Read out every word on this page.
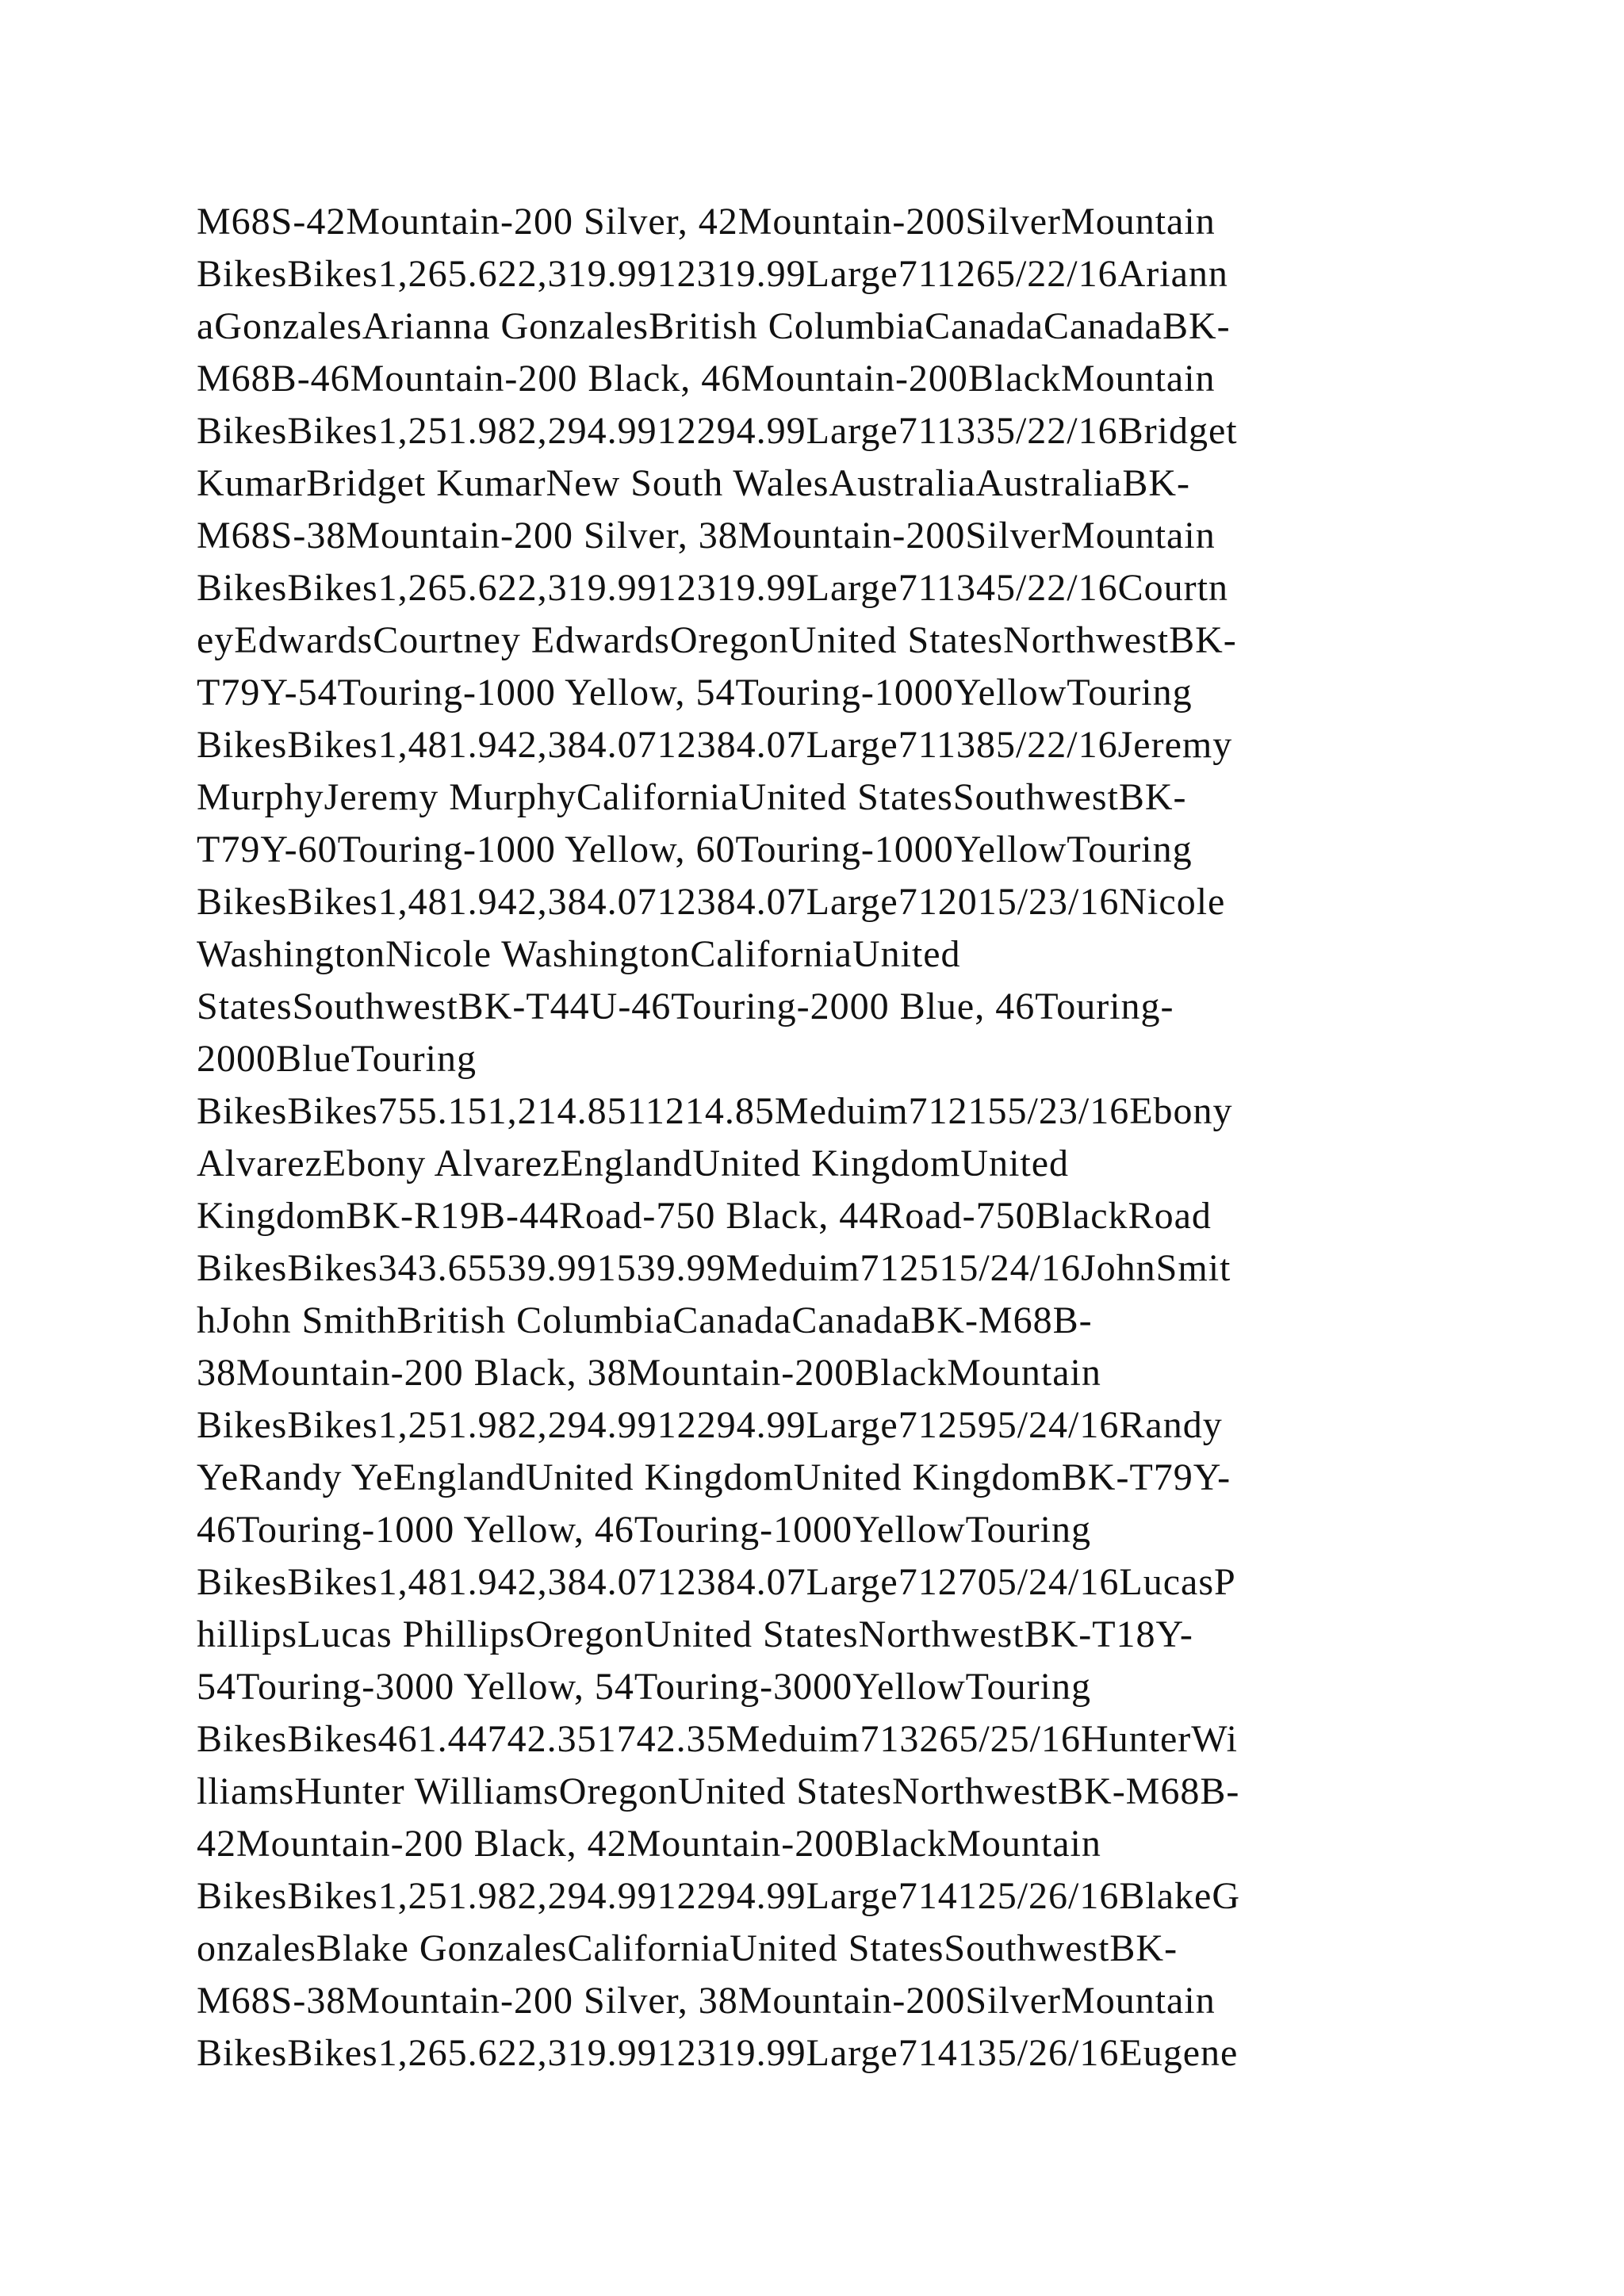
M68S-42Mountain-200 Silver, 42Mountain-200SilverMountain
BikesBikes1,265.622,319.9912319.99Large711265/22/16Ariann
aGonzalesArianna GonzalesBritish ColumbiaCanadaCanadaBK-
M68B-46Mountain-200 Black, 46Mountain-200BlackMountain
BikesBikes1,251.982,294.9912294.99Large711335/22/16Bridget
KumarBridget KumarNew South WalesAustraliaAustraliaBK-
M68S-38Mountain-200 Silver, 38Mountain-200SilverMountain
BikesBikes1,265.622,319.9912319.99Large711345/22/16Courtn
eyEdwardsCourtney EdwardsOregonUnited StatesNorthwestBK-
T79Y-54Touring-1000 Yellow, 54Touring-1000YellowTouring
BikesBikes1,481.942,384.0712384.07Large711385/22/16Jeremy
MurphyJeremy MurphyCaliforniaUnited StatesSouthwestBK-
T79Y-60Touring-1000 Yellow, 60Touring-1000YellowTouring
BikesBikes1,481.942,384.0712384.07Large712015/23/16Nicole
WashingtonNicole WashingtonCaliforniaUnited
StatesSouthwestBK-T44U-46Touring-2000 Blue, 46Touring-
2000BlueTouring
BikesBikes755.151,214.8511214.85Meduim712155/23/16Ebony
AlvarezEbony AlvarezEnglandUnited KingdomUnited
KingdomBK-R19B-44Road-750 Black, 44Road-750BlackRoad
BikesBikes343.65539.991539.99Meduim712515/24/16JohnSmit
hJohn SmithBritish ColumbiaCanadaCanadaBK-M68B-
38Mountain-200 Black, 38Mountain-200BlackMountain
BikesBikes1,251.982,294.9912294.99Large712595/24/16Randy
YeRandy YeEnglandUnited KingdomUnited KingdomBK-T79Y-
46Touring-1000 Yellow, 46Touring-1000YellowTouring
BikesBikes1,481.942,384.0712384.07Large712705/24/16LucasP
hillipsLucas PhillipsOregonUnited StatesNorthwestBK-T18Y-
54Touring-3000 Yellow, 54Touring-3000YellowTouring
BikesBikes461.44742.351742.35Meduim713265/25/16HunterWi
lliamsHunter WilliamsOregonUnited StatesNorthwestBK-M68B-
42Mountain-200 Black, 42Mountain-200BlackMountain
BikesBikes1,251.982,294.9912294.99Large714125/26/16BlakeG
onzalesBlake GonzalesCaliforniaUnited StatesSouthwestBK-
M68S-38Mountain-200 Silver, 38Mountain-200SilverMountain
BikesBikes1,265.622,319.9912319.99Large714135/26/16Eugene
